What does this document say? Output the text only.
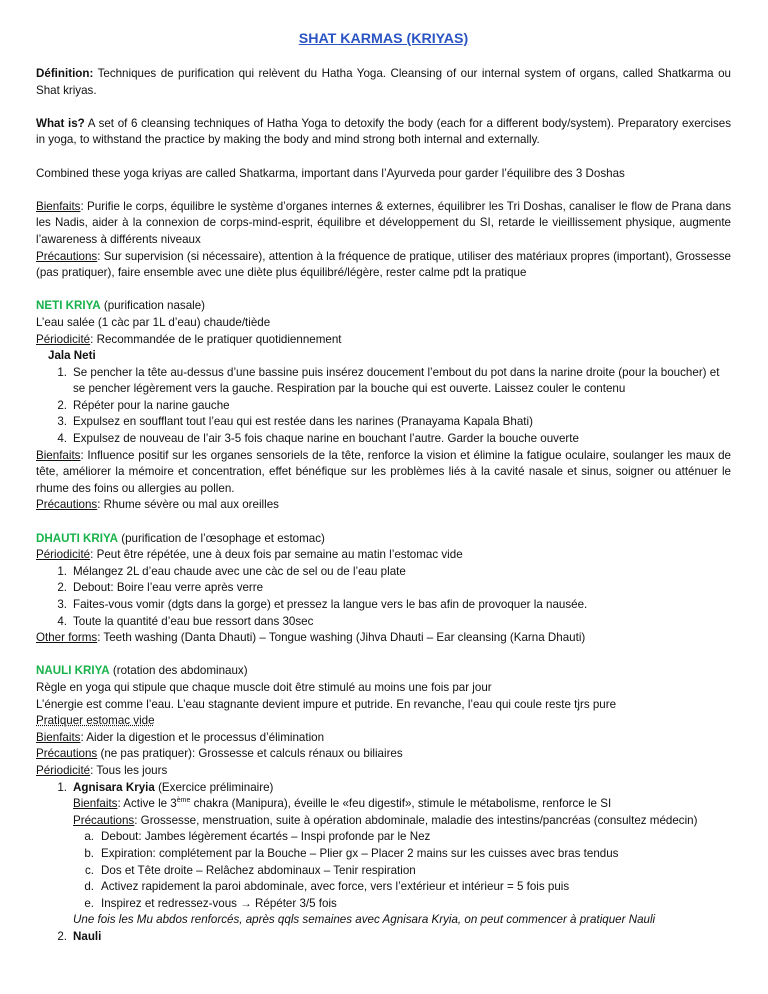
SHAT KARMAS (KRIYAS)

Définition: Techniques de purification qui relèvent du Hatha Yoga. Cleansing of our internal system of organs, called Shatkarma ou Shat kriyas.

What is? A set of 6 cleansing techniques of Hatha Yoga to detoxify the body (each for a different body/system). Preparatory exercises in yoga, to withstand the practice by making the body and mind strong both internal and externally.

Combined these yoga kriyas are called Shatkarma, important dans l’Ayurveda pour garder l’équilibre des 3 Doshas

Bienfaits: Purifie le corps, équilibre le système d’organes internes & externes, équilibrer les Tri Doshas, canaliser le flow de Prana dans les Nadis, aider à la connexion de corps-mind-esprit, équilibre et développement du SI, retarde le vieillissement physique, augmente l’awareness à différents niveaux

Précautions: Sur supervision (si nécessaire), attention à la fréquence de pratique, utiliser des matériaux propres (important), Grossesse (pas pratiquer), faire ensemble avec une diète plus équilibré/légère, rester calme pdt la pratique

NETI KRIYA (purification nasale)

L’eau salée (1 càc par 1L d’eau) chaude/tiède

Périodicité: Recommandée de le pratiquer quotidiennement

Jala Neti

1. Se pencher la tête au-dessus d’une bassine puis insérez doucement l’embout du pot dans la narine droite (pour la boucher) et se pencher légèrement vers la gauche. Respiration par la bouche qui est ouverte. Laissez couler le contenu
2. Répéter pour la narine gauche
3. Expulsez en soufflant tout l’eau qui est restée dans les narines (Pranayama Kapala Bhati)
4. Expulsez de nouveau de l’air 3-5 fois chaque narine en bouchant l’autre. Garder la bouche ouverte

Bienfaits: Influence positif sur les organes sensoriels de la tête, renforce la vision et élimine la fatigue oculaire, soulanger les maux de tête, améliorer la mémoire et concentration, effet bénéfique sur les problèmes liés à la cavité nasale et sinus, soigner ou atténuer le rhume des foins ou allergies au pollen.

Précautions: Rhume sévère ou mal aux oreilles

DHAUTI KRIYA (purification de l’œsophage et estomac)

Périodicité: Peut être répétée, une à deux fois par semaine au matin l’estomac vide

1. Mélangez 2L d’eau chaude avec une càc de sel ou de l’eau plate
2. Debout: Boire l’eau verre après verre
3. Faites-vous vomir (dgts dans la gorge) et pressez la langue vers le bas afin de provoquer la nausée.
4. Toute la quantité d’eau bue ressort dans 30sec

Other forms: Teeth washing (Danta Dhauti) – Tongue washing (Jihva Dhauti – Ear cleansing (Karna Dhauti)

NAULI KRIYA (rotation des abdominaux)

Règle en yoga qui stipule que chaque muscle doit être stimulé au moins une fois par jour

L’énergie est comme l’eau. L’eau stagnante devient impure et putride. En revanche, l’eau qui coule reste tjrs pure

Pratiquer estomac vide

Bienfaits: Aider la digestion et le processus d’élimination

Précautions (ne pas pratiquer): Grossesse et calculs rénaux ou biliaires

Périodicité: Tous les jours

1. Agnisara Kryia (Exercice préliminaire)
Bienfaits: Active le 3ème chakra (Manipura), éveille le «feu digestif», stimule le métabolisme, renforce le SI
Précautions: Grossesse, menstruation, suite à opération abdominale, maladie des intestins/pancréas (consultez médecin)
a. Debout: Jambes légèrement écartés – Inspi profonde par le Nez
b. Expiration: complétement par la Bouche – Plier gx – Placer 2 mains sur les cuisses avec bras tendus
c. Dos et Tête droite – Relâchez abdominaux – Tenir respiration
d. Activez rapidement la paroi abdominale, avec force, vers l’extérieur et intérieur = 5 fois puis
e. Inspirez et redressez-vous → Répéter 3/5 fois

Une fois les Mu abdos renforcés, après qqls semaines avec Agnisara Kryia, on peut commencer à pratiquer Nauli

2. Nauli
